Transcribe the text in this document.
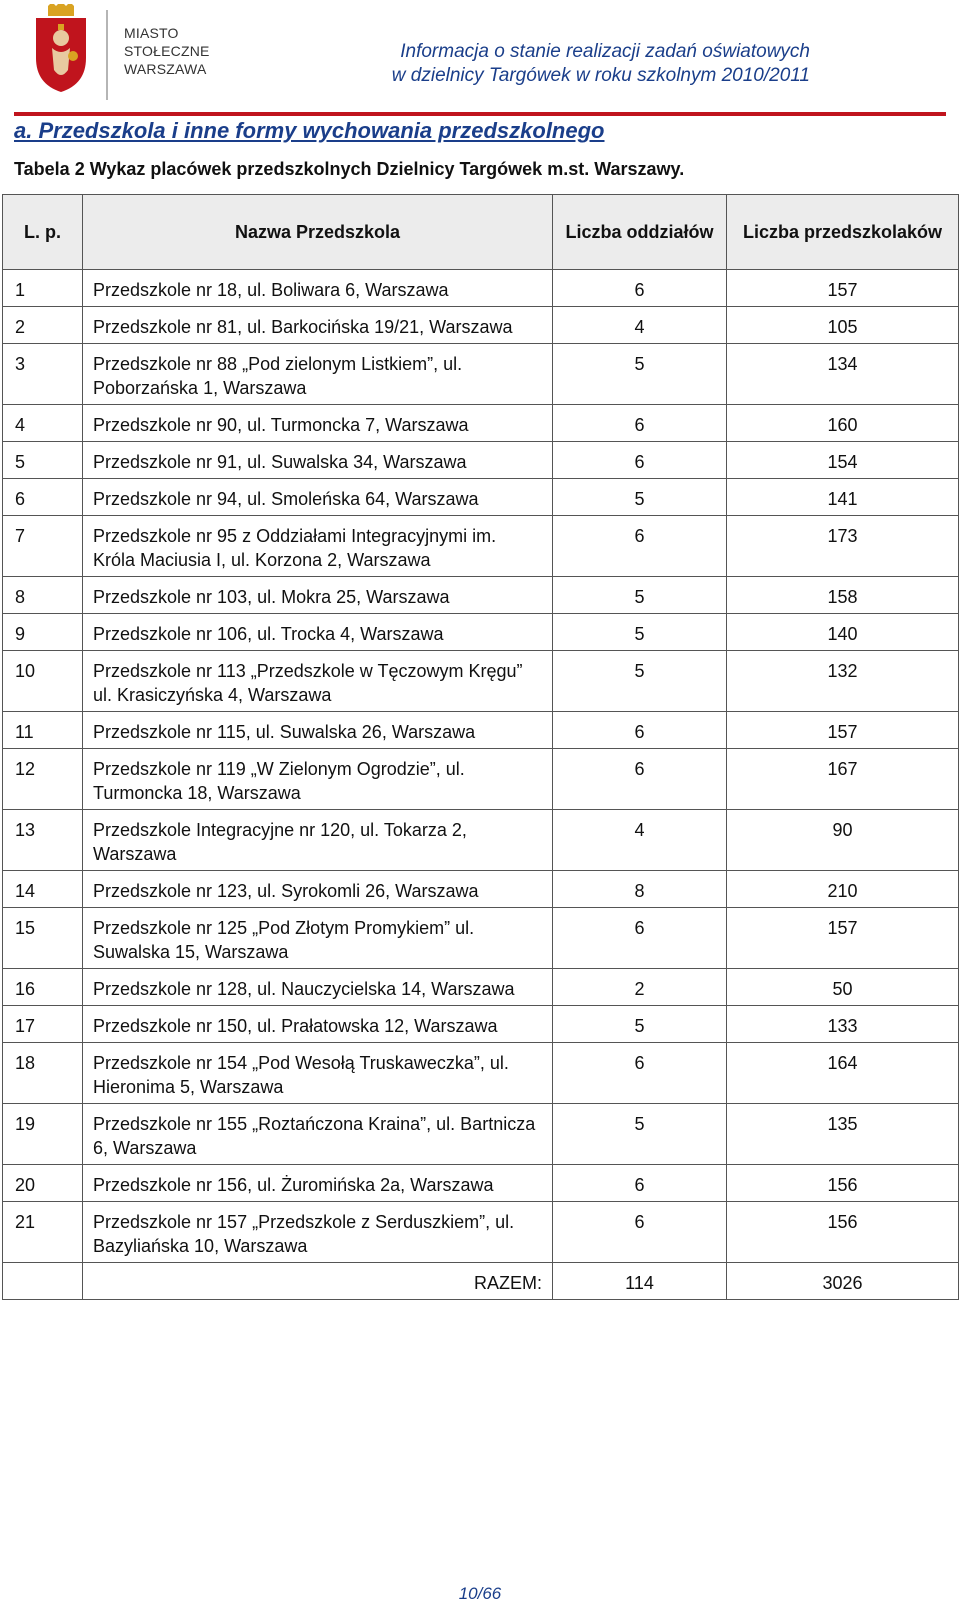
MIASTO
STOŁECZNE
WARSZAWA
Informacja o stanie realizacji zadań oświatowych
w dzielnicy Targówek w roku szkolnym 2010/2011
a. Przedszkola i inne formy wychowania przedszkolnego
Tabela 2 Wykaz placówek przedszkolnych Dzielnicy Targówek m.st. Warszawy.
L. p.	Nazwa Przedszkola	Liczba oddziałów	Liczba przedszkolaków
1	Przedszkole nr 18, ul. Boliwara 6, Warszawa	6	157
2	Przedszkole nr 81, ul. Barkocińska 19/21, Warszawa	4	105
3	Przedszkole nr 88 „Pod zielonym Listkiem”, ul. Poborzańska 1, Warszawa	5	134
4	Przedszkole nr 90, ul. Turmoncka 7, Warszawa	6	160
5	Przedszkole nr 91, ul. Suwalska 34, Warszawa	6	154
6	Przedszkole nr 94, ul. Smoleńska 64, Warszawa	5	141
7	Przedszkole nr 95 z Oddziałami Integracyjnymi im. Króla Maciusia I, ul. Korzona 2, Warszawa	6	173
8	Przedszkole nr 103, ul. Mokra 25, Warszawa	5	158
9	Przedszkole nr 106, ul. Trocka 4, Warszawa	5	140
10	Przedszkole nr 113 „Przedszkole w Tęczowym Kręgu” ul. Krasiczyńska 4, Warszawa	5	132
11	Przedszkole nr 115, ul. Suwalska 26, Warszawa	6	157
12	Przedszkole nr 119 „W Zielonym Ogrodzie”, ul. Turmoncka 18, Warszawa	6	167
13	Przedszkole Integracyjne nr 120, ul. Tokarza 2, Warszawa	4	90
14	Przedszkole nr 123, ul. Syrokomli 26, Warszawa	8	210
15	Przedszkole nr 125 „Pod Złotym Promykiem” ul. Suwalska 15, Warszawa	6	157
16	Przedszkole nr 128, ul. Nauczycielska 14, Warszawa	2	50
17	Przedszkole nr 150, ul. Prałatowska 12, Warszawa	5	133
18	Przedszkole nr 154 „Pod Wesołą Truskaweczka”, ul. Hieronima 5, Warszawa	6	164
19	Przedszkole nr 155 „Roztańczona Kraina”, ul. Bartnicza 6, Warszawa	5	135
20	Przedszkole nr 156, ul. Żuromińska 2a, Warszawa	6	156
21	Przedszkole nr 157 „Przedszkole z Serduszkiem”, ul. Bazyliańska 10, Warszawa	6	156
	RAZEM:	114	3026
10/66
